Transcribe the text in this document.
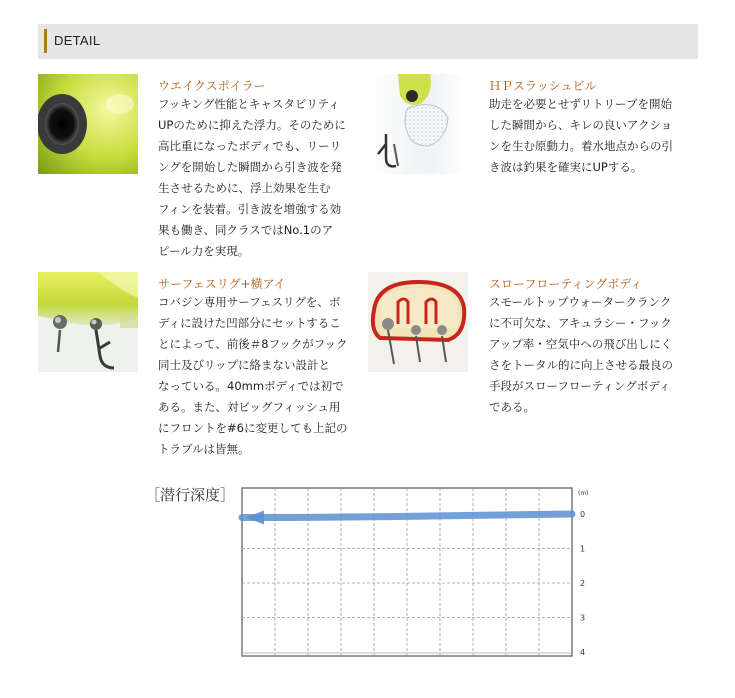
DETAIL
ウエイクスポイラー
フッキング性能とキャスタビリティ
UPのために抑えた浮力。そのために
高比重になったボディでも、リーリ
ングを開始した瞬間から引き波を発
生させるために、浮上効果を生む
フィンを装着。引き波を増強する効
果も働き、同クラスではNo.1のア
ピール力を実現。
ＨＰスラッシュビル
助走を必要とせずリトリーブを開始
した瞬間から、キレの良いアクショ
ンを生む原動力。着水地点からの引
き波は釣果を確実にUPする。
サーフェスリグ+横アイ
コバジン専用サーフェスリグを、ボ
ディに設けた凹部分にセットするこ
とによって、前後＃8フックがフック
同士及びリップに絡まない設計と
なっている。40mmボディでは初で
ある。また、対ビッグフィッシュ用
にフロントを#6に変更しても上記の
トラブルは皆無。
スローフローティングボディ
スモールトップウォータークランク
に不可欠な、アキュラシー・フック
アップ率・空気中への飛び出しにく
さをトータル的に向上させる最良の
手段がスローフローティングボディ
である。
［潜行深度］
0
1
2
3
4
(m)
